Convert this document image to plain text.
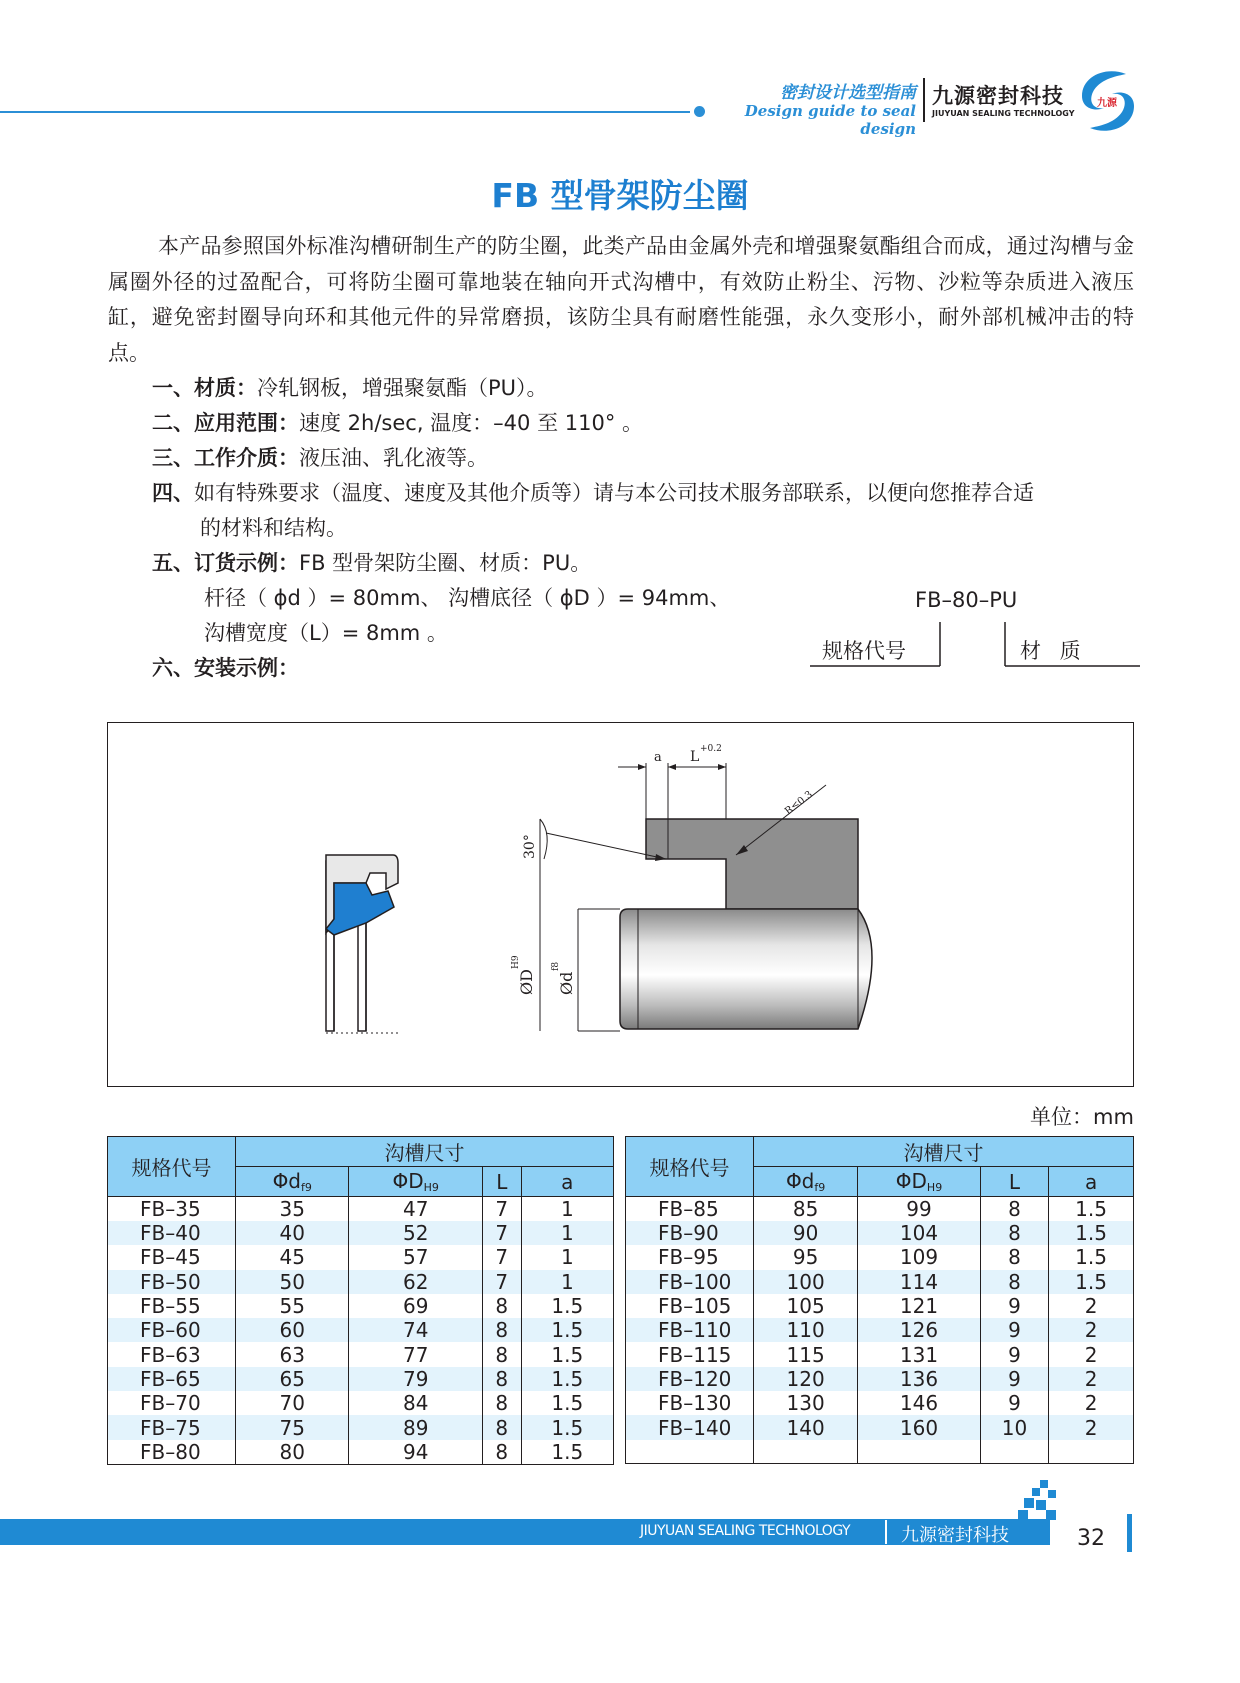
密封设计选型指南
Design guide to seal design
九源密封科技
JIUYUAN SEALING TECHNOLOGY
九源
FB 型骨架防尘圈
本产品参照国外标准沟槽研制生产的防尘圈，此类产品由金属外壳和增强聚氨酯组合而成，通过沟槽与金属圈外径的过盈配合，可将防尘圈可靠地装在轴向开式沟槽中，有效防止粉尘、污物、沙粒等杂质进入液压缸，避免密封圈导向环和其他元件的异常磨损，该防尘具有耐磨性能强，永久变形小，耐外部机械冲击的特点。
一、材质：冷轧钢板，增强聚氨酯（PU）。
二、应用范围：速度 2h/sec, 温度：–40 至 110° 。
三、工作介质：液压油、乳化液等。
四、如有特殊要求（温度、速度及其他介质等）请与本公司技术服务部联系，以便向您推荐合适
的材料和结构。
五、订货示例：FB 型骨架防尘圈、材质：PU。
杆径（ ϕd ）= 80mm、 沟槽底径（ ϕD ）= 94mm、
沟槽宽度（L）= 8mm 。
六、安装示例：
FB–80–PU
规格代号	材 质
a L +0.2
R≤0.3
30°
ØD
H9
Ød
f8
单位：mm
规格代号	沟槽尺寸			
	$\Phi d_{f9}$	$\Phi D_{H9}$	L	a
FB–35	35	47	7	1
FB–40	40	52	7	1
FB–45	45	57	7	1
FB–50	50	62	7	1
FB–55	55	69	8	1.5
FB–60	60	74	8	1.5
FB–63	63	77	8	1.5
FB–65	65	79	8	1.5
FB–70	70	84	8	1.5
FB–75	75	89	8	1.5
FB–80	80	94	8	1.5
规格代号	沟槽尺寸			
	$\Phi d_{f9}$	$\Phi D_{H9}$	L	a
FB–85	85	99	8	1.5
FB–90	90	104	8	1.5
FB–95	95	109	8	1.5
FB–100	100	114	8	1.5
FB–105	105	121	9	2
FB–110	110	126	9	2
FB–115	115	131	9	2
FB–120	120	136	9	2
FB–130	130	146	9	2
FB–140	140	160	10	2

JIUYUAN SEALING TECHNOLOGY	九源密封科技	32
